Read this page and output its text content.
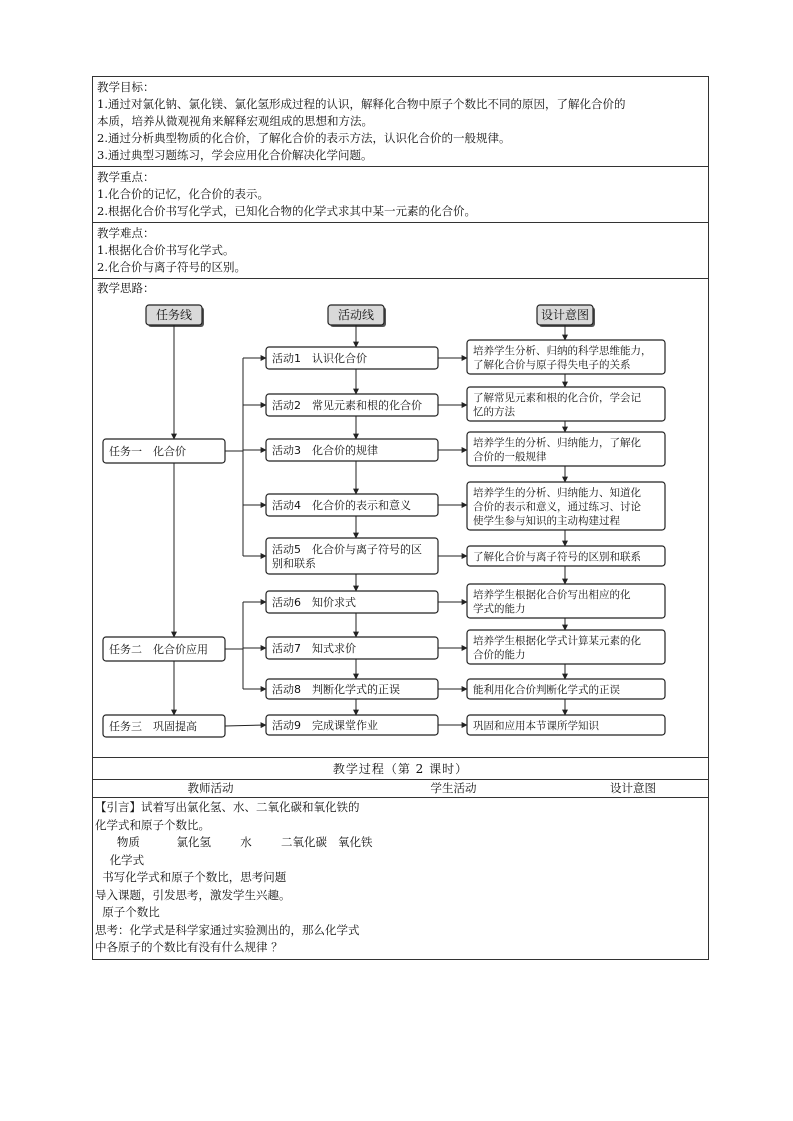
教学目标：
1.通过对氯化钠、氯化镁、氯化氢形成过程的认识，解释化合物中原子个数比不同的原因，了解化合价的
本质，培养从微观视角来解释宏观组成的思想和方法。
2.通过分析典型物质的化合价，了解化合价的表示方法，认识化合价的一般规律。
3.通过典型习题练习，学会应用化合价解决化学问题。
教学重点：
1.化合价的记忆，化合价的表示。
2.根据化合价书写化学式，已知化合物的化学式求其中某一元素的化合价。
教学难点：
1.根据化合价书写化学式。
2.化合价与离子符号的区别。
教学思路：
任务线	活动线	设计意图
活动1　认识化合价
活动2　常见元素和根的化合价
活动3　化合价的规律
活动4　化合价的表示和意义
活动5　化合价与离子符号的区
别和联系
活动6　知价求式
活动7　知式求价
活动8　判断化学式的正误
活动9　完成课堂作业
培养学生分析、归纳的科学思维能力，
了解化合价与原子得失电子的关系
了解常见元素和根的化合价，学会记
忆的方法
培养学生的分析、归纳能力，了解化
合价的一般规律
培养学生的分析、归纳能力、知道化
合价的表示和意义，通过练习、讨论
使学生参与知识的主动构建过程
了解化合价与离子符号的区别和联系
培养学生根据化合价写出相应的化
学式的能力
培养学生根据化学式计算某元素的化
合价的能力
能利用化合价判断化学式的正误
巩固和应用本节课所学知识
任务一　化合价
任务二　化合价应用
任务三　巩固提高
教学过程（第 2 课时）
教师活动	学生活动	设计意图
【引言】试着写出氯化氢、水、二氧化碳和氧化铁的
化学式和原子个数比。
物质          氯化氢        水        二氧化碳   氧化铁
化学式
书写化学式和原子个数比，思考问题
导入课题，引发思考，激发学生兴趣。
原子个数比
思考：化学式是科学家通过实验测出的，那么化学式
中各原子的个数比有没有什么规律 ？
